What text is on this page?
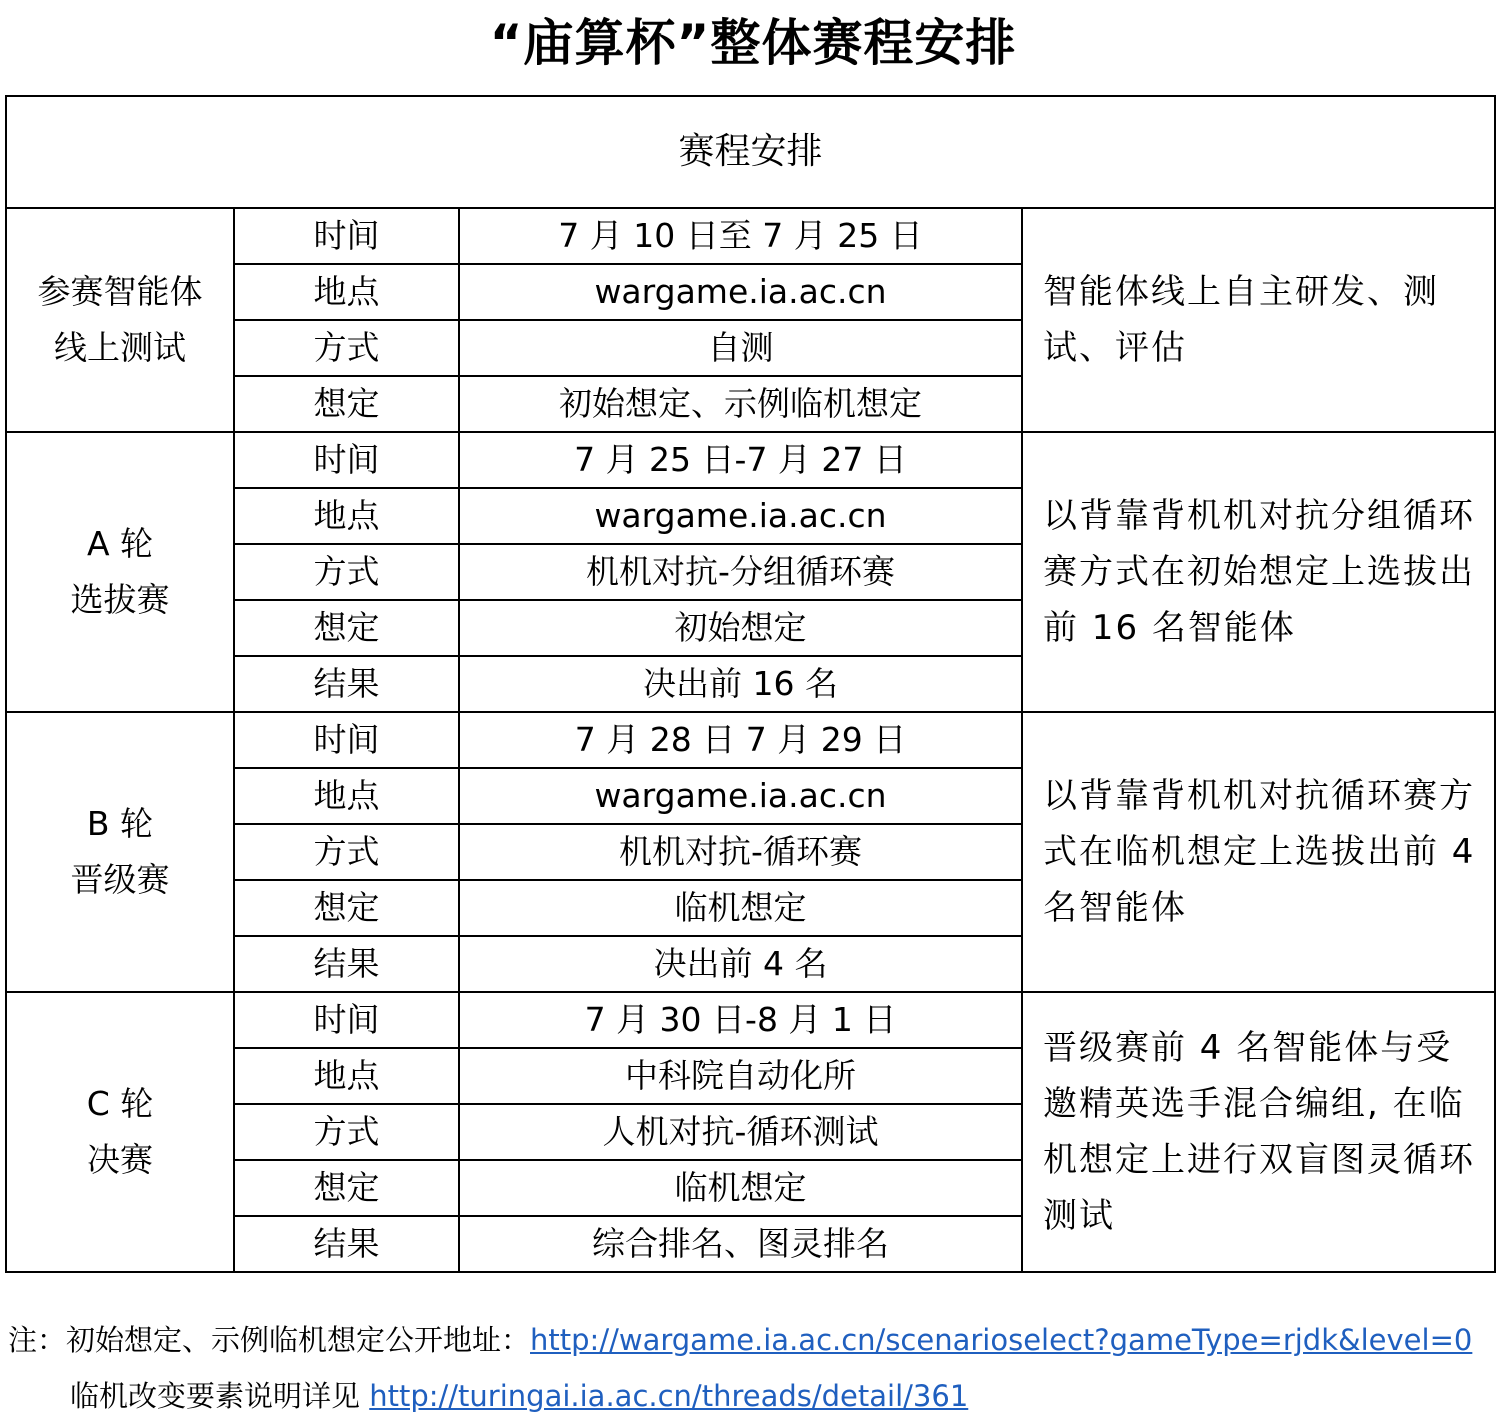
“庙算杯”整体赛程安排
赛程安排			

参赛智能体
线上测试	时间	7 月 10 日至 7 月 25 日	智能体线上自主研发、测试、评估
	地点	wargame.ia.ac.cn	
	方式	自测	
	想定	初始想定、示例临机想定	

A 轮
选拔赛	时间	7 月 25 日-7 月 27 日	以背靠背机机对抗分组循环赛方式在初始想定上选拔出前 16 名智能体
	地点	wargame.ia.ac.cn	
	方式	机机对抗-分组循环赛	
	想定	初始想定	
	结果	决出前 16 名	

B 轮
晋级赛	时间	7 月 28 日 7 月 29 日	以背靠背机机对抗循环赛方式在临机想定上选拔出前 4 名智能体
	地点	wargame.ia.ac.cn	
	方式	机机对抗-循环赛	
	想定	临机想定	
	结果	决出前 4 名	

C 轮
决赛	时间	7 月 30 日-8 月 1 日	晋级赛前 4 名智能体与受邀精英选手混合编组, 在临机想定上进行双盲图灵循环测试
	地点	中科院自动化所	
	方式	人机对抗-循环测试	
	想定	临机想定	
	结果	综合排名、图灵排名	
注：初始想定、示例临机想定公开地址：http://wargame.ia.ac.cn/scenarioselect?gameType=rjdk&level=0
临机改变要素说明详见 http://turingai.ia.ac.cn/threads/detail/361
